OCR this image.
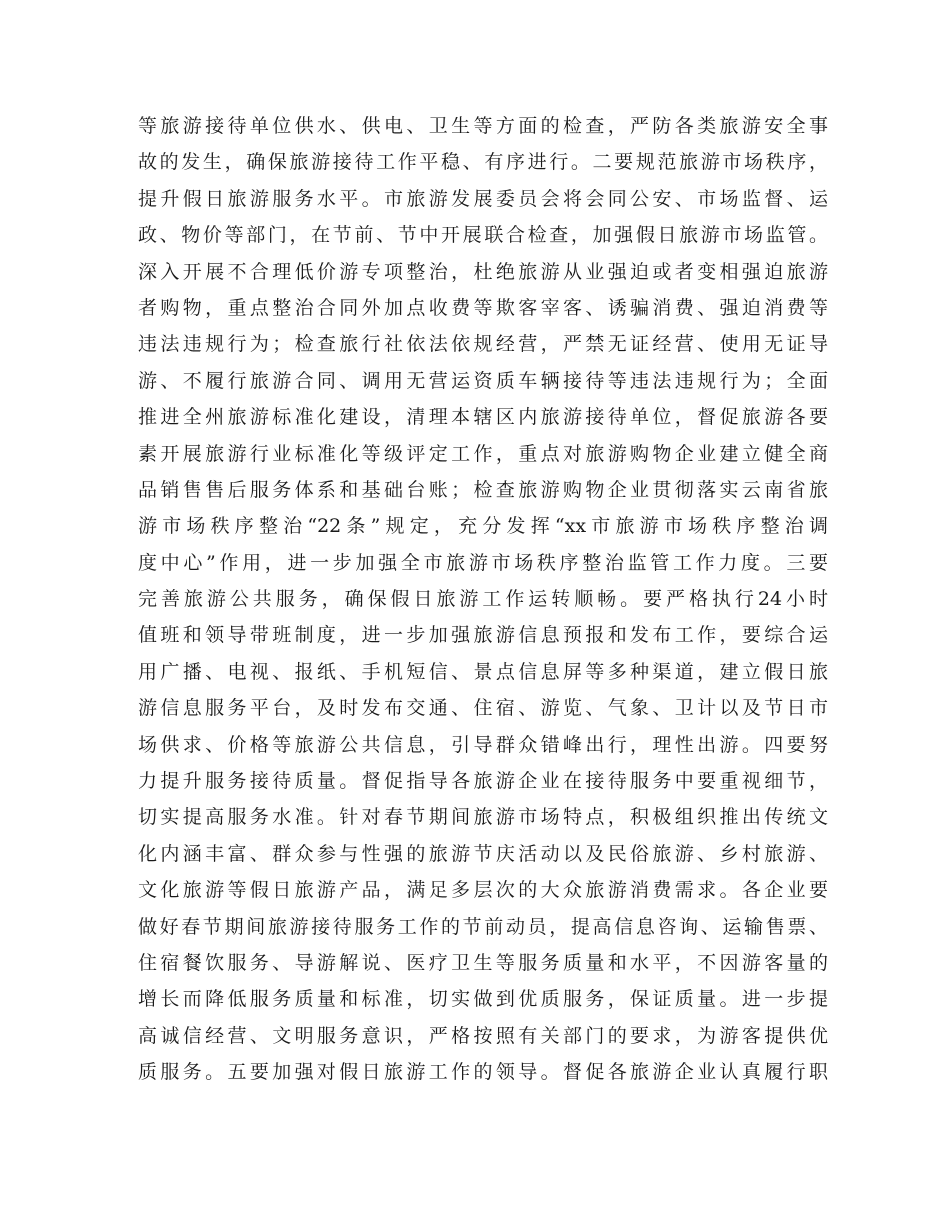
等旅游接待单位供水、供电、卫生等方面的检查，严防各类旅游安全事
故的发生，确保旅游接待工作平稳、有序进行。二要规范旅游市场秩序，
提升假日旅游服务水平。市旅游发展委员会将会同公安、市场监督、运
政、物价等部门，在节前、节中开展联合检查，加强假日旅游市场监管。
深入开展不合理低价游专项整治，杜绝旅游从业强迫或者变相强迫旅游
者购物，重点整治合同外加点收费等欺客宰客、诱骗消费、强迫消费等
违法违规行为；检查旅行社依法依规经营，严禁无证经营、使用无证导
游、不履行旅游合同、调用无营运资质车辆接待等违法违规行为；全面
推进全州旅游标准化建设，清理本辖区内旅游接待单位，督促旅游各要
素开展旅游行业标准化等级评定工作，重点对旅游购物企业建立健全商
品销售售后服务体系和基础台账；检查旅游购物企业贯彻落实云南省旅
游市场秩序整治“22条”规定，充分发挥“xx市旅游市场秩序整治调
度中心”作用，进一步加强全市旅游市场秩序整治监管工作力度。三要
完善旅游公共服务，确保假日旅游工作运转顺畅。要严格执行24小时
值班和领导带班制度，进一步加强旅游信息预报和发布工作，要综合运
用广播、电视、报纸、手机短信、景点信息屏等多种渠道，建立假日旅
游信息服务平台，及时发布交通、住宿、游览、气象、卫计以及节日市
场供求、价格等旅游公共信息，引导群众错峰出行，理性出游。四要努
力提升服务接待质量。督促指导各旅游企业在接待服务中要重视细节，
切实提高服务水准。针对春节期间旅游市场特点，积极组织推出传统文
化内涵丰富、群众参与性强的旅游节庆活动以及民俗旅游、乡村旅游、
文化旅游等假日旅游产品，满足多层次的大众旅游消费需求。各企业要
做好春节期间旅游接待服务工作的节前动员，提高信息咨询、运输售票、
住宿餐饮服务、导游解说、医疗卫生等服务质量和水平，不因游客量的
增长而降低服务质量和标准，切实做到优质服务，保证质量。进一步提
高诚信经营、文明服务意识，严格按照有关部门的要求，为游客提供优
质服务。五要加强对假日旅游工作的领导。督促各旅游企业认真履行职
